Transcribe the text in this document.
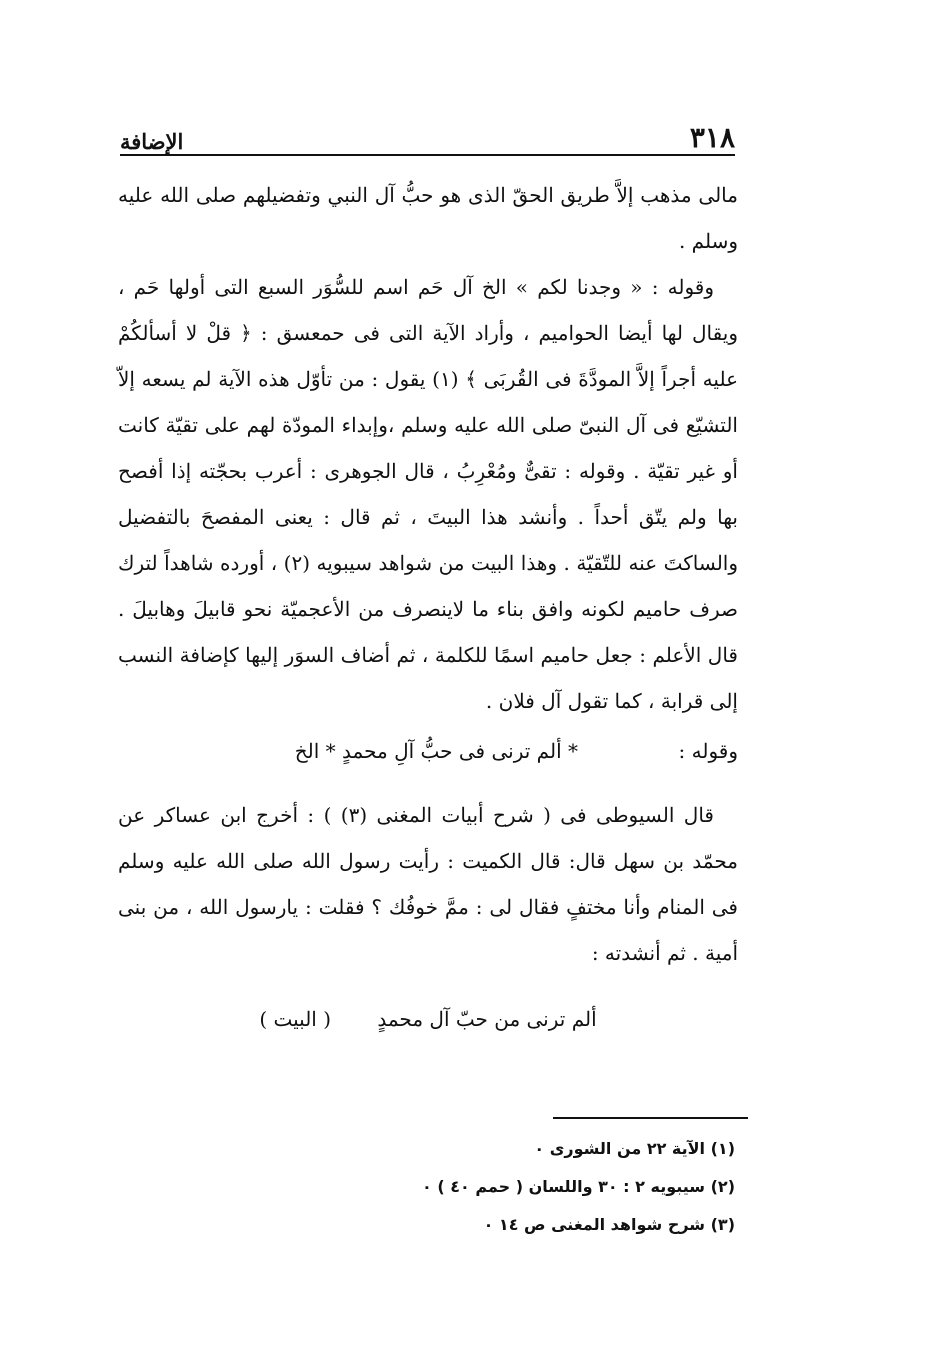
الإضافة	٣١٨

مالى مذهب إلاَّ طريق الحقّ الذى هو حبُّ آل النبي وتفضيلهم صلى الله عليه وسلم .

وقوله : « وجدنا لكم » الخ آل حَم اسم للسُّوَر السبع التى أولها حَم ، ويقال لها أيضا الحواميم ، وأراد الآية التى فى حمعسق : ﴿ قلْ لا أسألكُمْ عليه أجراً إلاَّ المودَّةَ فى القُربَى ﴾ (١) يقول : من تأوّل هذه الآية لم يسعه إلاّ التشيّع فى آل النبىّ صلى الله عليه وسلم ،وإبداء المودّة لهم على تقيّة كانت أو غير تقيّة . وقوله : تقىٌّ ومُعْرِبُ ، قال الجوهرى : أعرب بحجّته إذا أفصح بها ولم يتّق أحداً . وأنشد هذا البيتَ ، ثم قال : يعنى المفصحَ بالتفضيل والساكتَ عنه للتّقيّة . وهذا البيت من شواهد سيبويه (٢) ، أورده شاهداً لترك صرف حاميم لكونه وافق بناء ما لاينصرف من الأعجميّة نحو قابيلَ وهابيلَ . قال الأعلم : جعل حاميم اسمًا للكلمة ، ثم أضاف السوَر إليها كإضافة النسب إلى قرابة ، كما تقول آل فلان .

وقوله :
* ألم ترنى فى حبُّ آلِ محمدٍ * الخ

قال السيوطى فى ( شرح أبيات المغنى (٣) ) : أخرج ابن عساكر عن محمّد بن سهل قال: قال الكميت : رأيت رسول الله صلى الله عليه وسلم فى المنام وأنا مختفٍ فقال لى : ممَّ خوفُك ؟ فقلت : يارسول الله ، من بنى أمية . ثم أنشدته :

ألم ترنى من حبّ آل محمدٍ ( البيت )
(١) الآية ٢٢ من الشورى ٠
(٢) سيبويه ٢ : ٣٠ واللسان ( حمم ٤٠ ) ٠
(٣) شرح شواهد المغنى ص ١٤ ٠
